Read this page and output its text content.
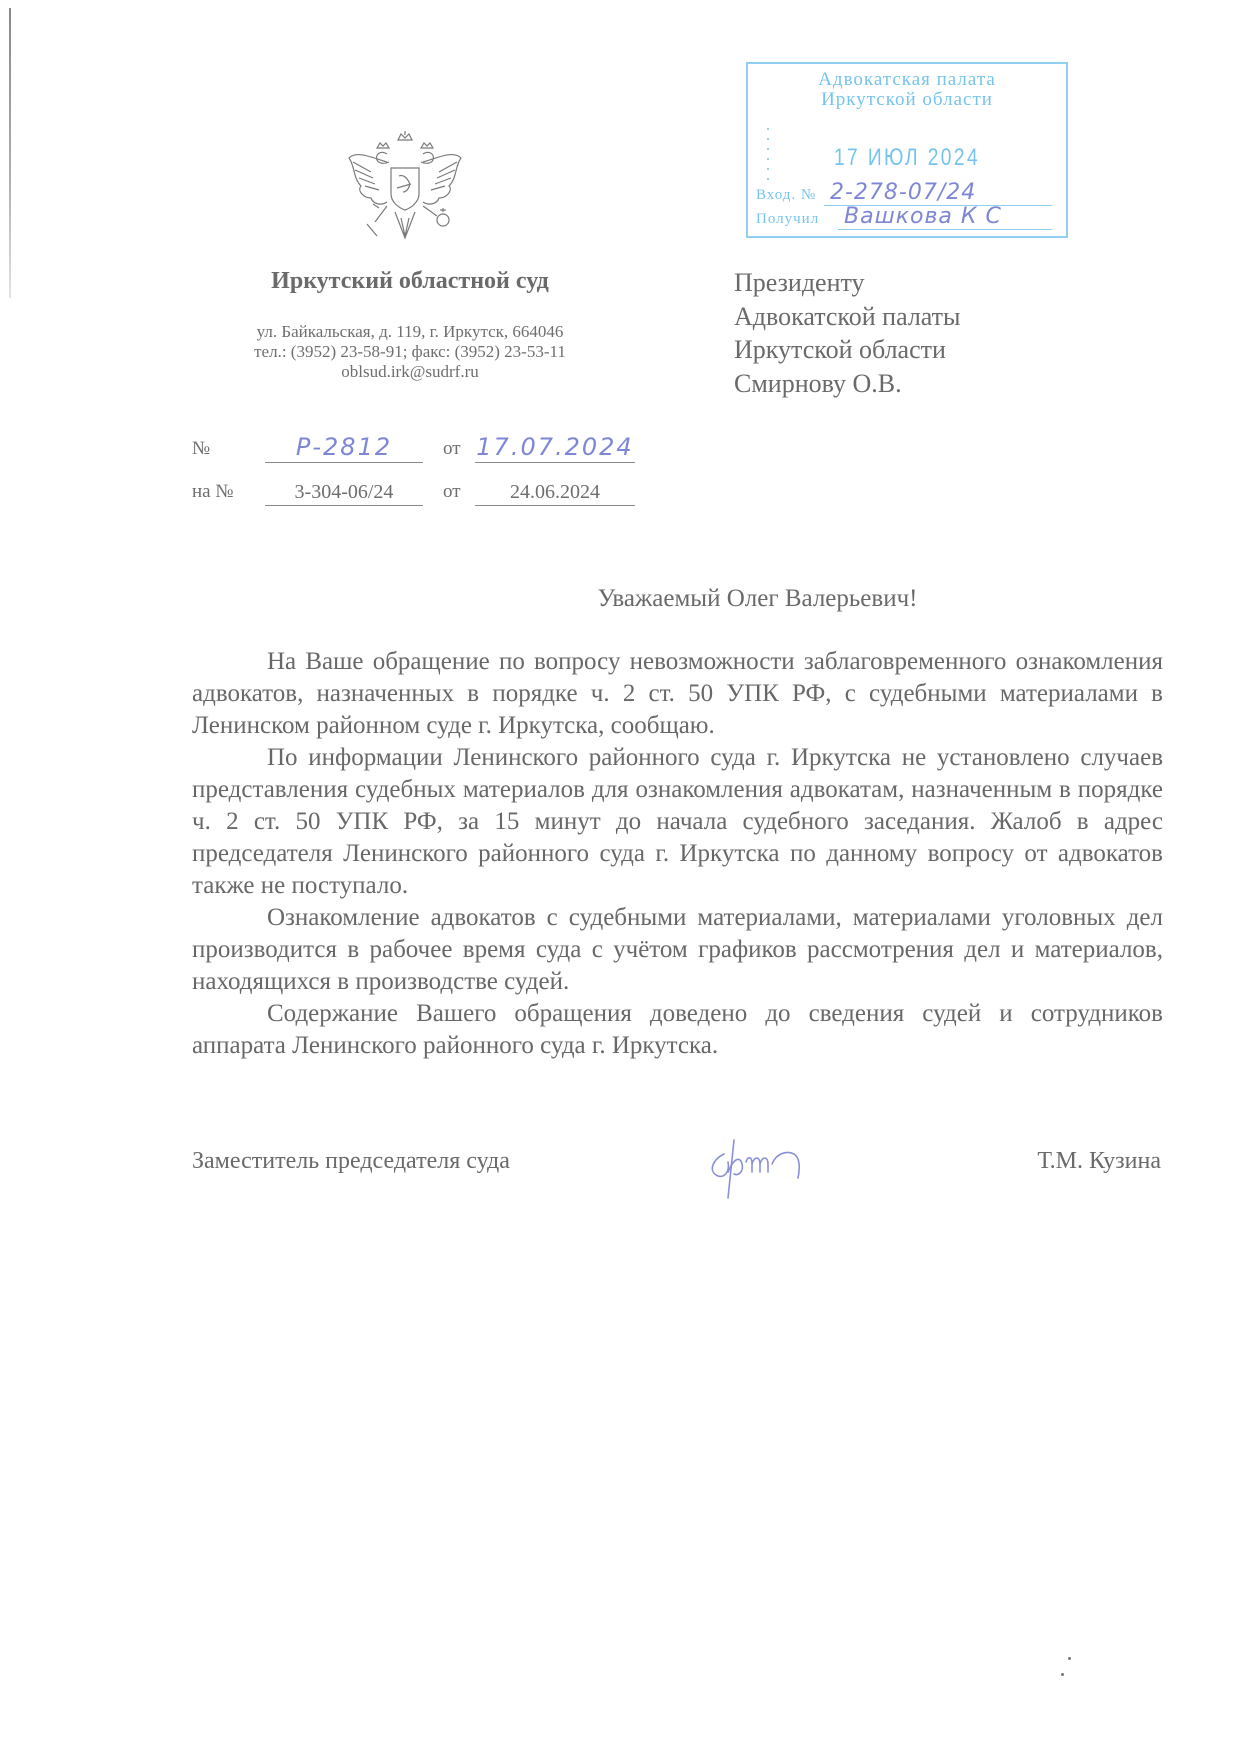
Иркутский областной суд
ул. Байкальская, д. 119, г. Иркутск, 664046
тел.: (3952) 23-58-91; факс: (3952) 23-53-11
oblsud.irk@sudrf.ru
№	Р-2812	от 17.07.2024
на №	3-304-06/24	от	24.06.2024
Адвокатская палата
Иркутской области
17 ИЮЛ 2024
Вход. № 2-278-07/24
Получил Вашкова К С
Президенту
Адвокатской палаты
Иркутской области
Смирнову О.В.
Уважаемый Олег Валерьевич!

На Ваше обращение по вопросу невозможности заблаговременного ознакомления адвокатов, назначенных в порядке ч. 2 ст. 50 УПК РФ, с судебными материалами в Ленинском районном суде г. Иркутска, сообщаю.

По информации Ленинского районного суда г. Иркутска не установлено случаев представления судебных материалов для ознакомления адвокатам, назначенным в порядке ч. 2 ст. 50 УПК РФ, за 15 минут до начала судебного заседания. Жалоб в адрес председателя Ленинского районного суда г. Иркутска по данному вопросу от адвокатов также не поступало.

Ознакомление адвокатов с судебными материалами, материалами уголовных дел производится в рабочее время суда с учётом графиков рассмотрения дел и материалов, находящихся в производстве судей.

Содержание Вашего обращения доведено до сведения судей и сотрудников аппарата Ленинского районного суда г. Иркутска.

Заместитель председателя суда	Т.М. Кузина
